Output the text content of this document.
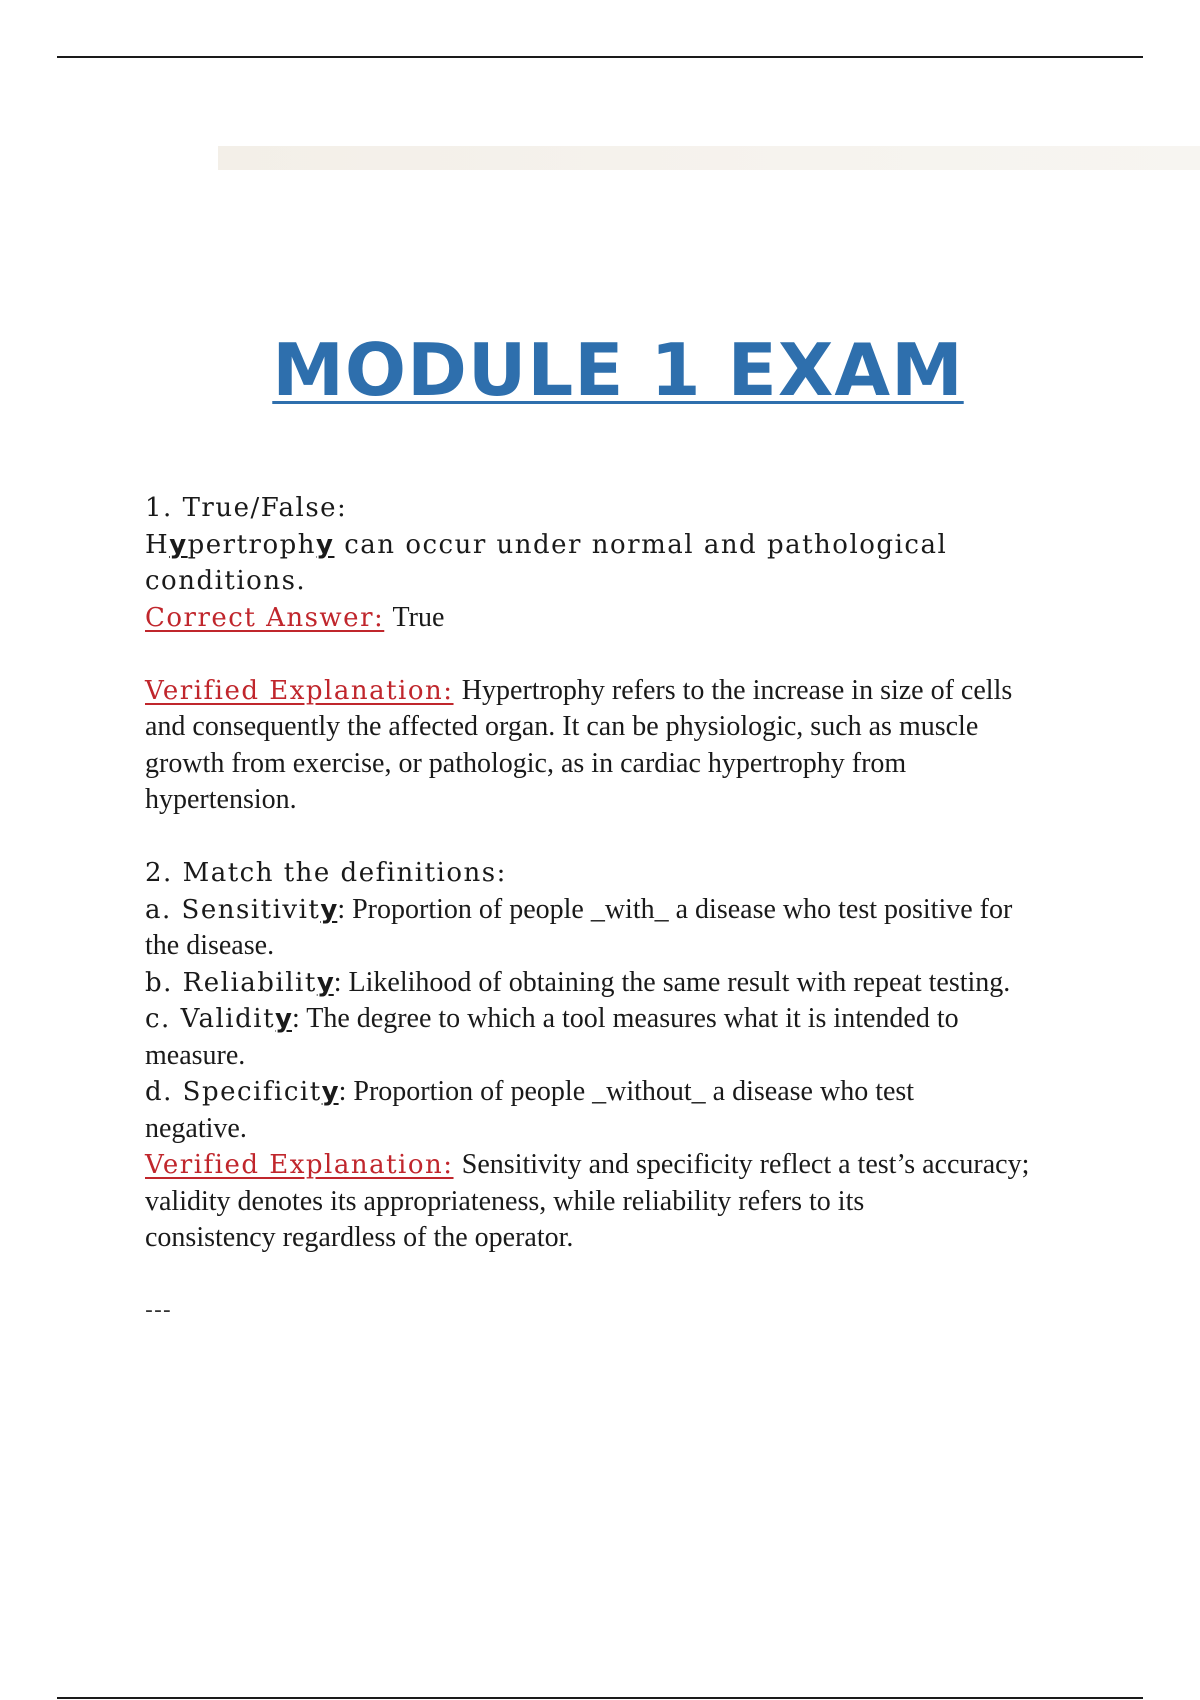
MODULE 1 EXAM

1. True/False:

Hypertrophy can occur under normal and pathological

conditions.

Correct Answer: True

Verified Explanation: Hypertrophy refers to the increase in size of cells

and consequently the affected organ. It can be physiologic, such as muscle

growth from exercise, or pathologic, as in cardiac hypertrophy from

hypertension.

2. Match the definitions:

a. Sensitivity: Proportion of people _with_ a disease who test positive for

the disease.

b. Reliability: Likelihood of obtaining the same result with repeat testing.

c. Validity: The degree to which a tool measures what it is intended to

measure.

d. Specificity: Proportion of people _without_ a disease who test

negative.

Verified Explanation: Sensitivity and specificity reflect a test’s accuracy;

validity denotes its appropriateness, while reliability refers to its

consistency regardless of the operator.

---
